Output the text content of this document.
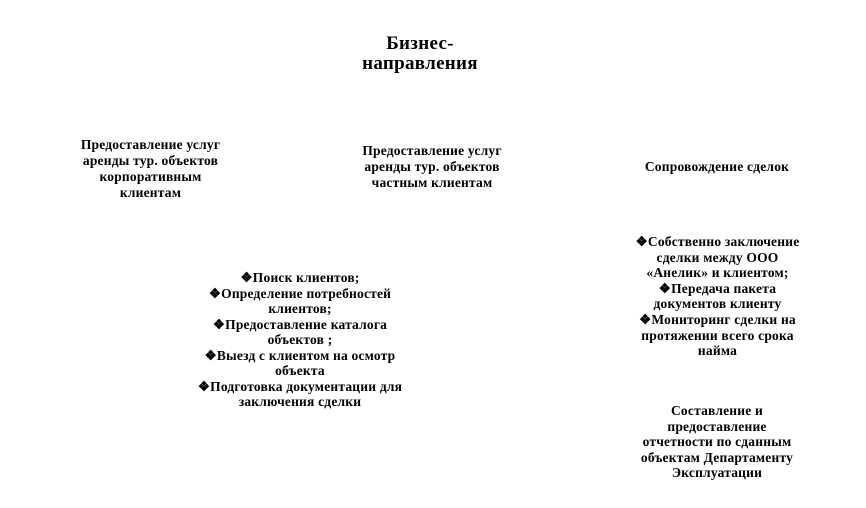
Бизнес-
направления
Предоставление услуг
аренды тур. объектов
корпоративным
клиентам
Предоставление услуг
аренды тур. объектов
частным клиентам
Сопровождение сделок
❖Поиск клиентов;
❖Определение потребностей
клиентов;
❖Предоставление каталога
объектов ;
❖Выезд с клиентом на осмотр
объекта
❖Подготовка документации для
заключения сделки
❖Собственно заключение
сделки между ООО
«Анелик» и клиентом;
❖Передача пакета
документов клиенту
❖Мониторинг сделки на
протяжении всего срока
найма
Составление и
предоставление
отчетности по сданным
объектам Департаменту
Эксплуатации
